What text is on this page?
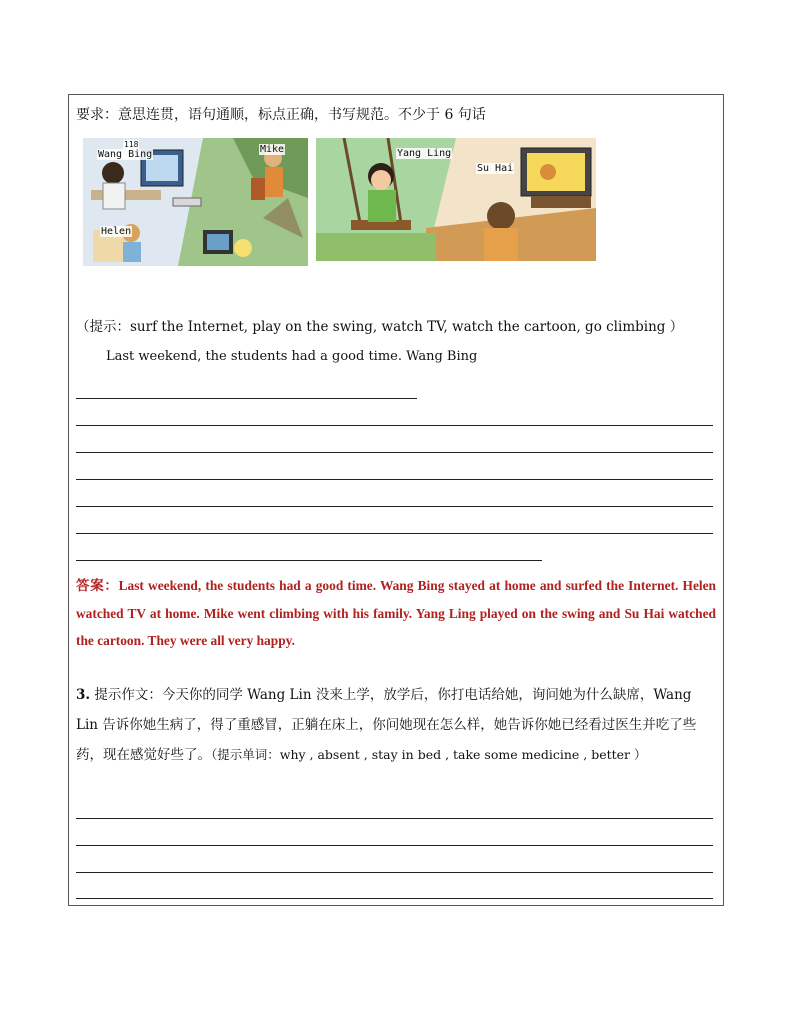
要求：意思连贯，语句通顺，标点正确，书写规范。不少于 6 句话
118
Wang Bing	Mike
Helen
Yang Ling
Su Hai
（提示：surf the Internet, play on the swing, watch TV, watch the cartoon, go climbing ）
Last weekend, the students had a good time. Wang Bing
答案：Last weekend, the students had a good time. Wang Bing stayed at home and surfed the Internet. Helen watched TV at home. Mike went climbing with his family. Yang Ling played on the swing and Su Hai watched the cartoon. They were all very happy.
3. 提示作文：今天你的同学 Wang Lin 没来上学，放学后，你打电话给她，询问她为什么缺席，Wang Lin 告诉你她生病了，得了重感冒，正躺在床上，你问她现在怎么样，她告诉你她已经看过医生并吃了些药，现在感觉好些了。（提示单词：why , absent , stay in bed , take some medicine , better ）
